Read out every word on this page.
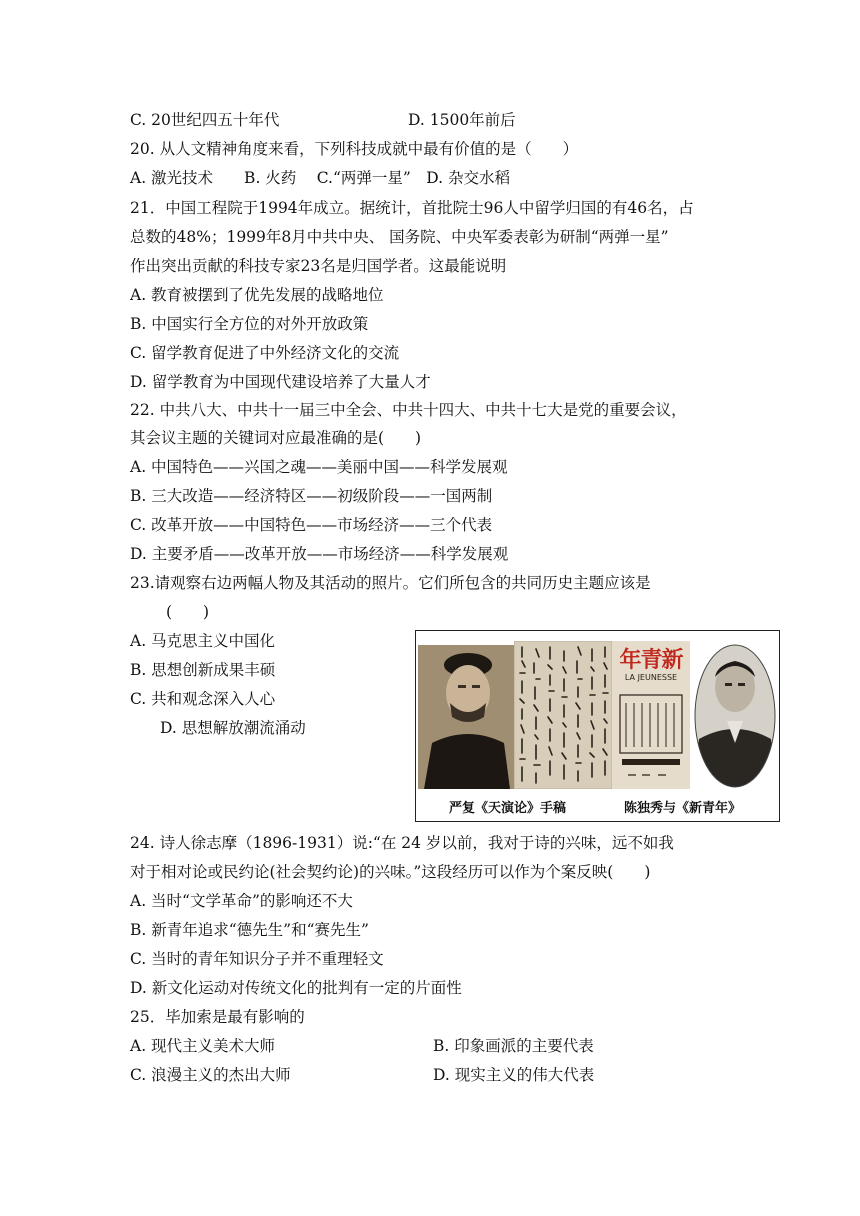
C. 20世纪四五十年代	D. 1500年前后
20. 从人文精神角度来看，下列科技成就中最有价值的是（　　）
A. 激光技术　　B. 火药　 C.“两弹一星”　D. 杂交水稻
21．中国工程院于1994年成立。据统计，首批院士96人中留学归国的有46名，占
总数的48%；1999年8月中共中央、 国务院、中央军委表彰为研制“两弹一星”
作出突出贡献的科技专家23名是归国学者。这最能说明
A. 教育被摆到了优先发展的战略地位
B. 中国实行全方位的对外开放政策
C. 留学教育促进了中外经济文化的交流
D. 留学教育为中国现代建设培养了大量人才
22. 中共八大、中共十一届三中全会、中共十四大、中共十七大是党的重要会议，
其会议主题的关键词对应最准确的是(　　)
A. 中国特色——兴国之魂——美丽中国——科学发展观
B. 三大改造——经济特区——初级阶段——一国两制
C. 改革开放——中国特色——市场经济——三个代表
D. 主要矛盾——改革开放——市场经济——科学发展观
23.请观察右边两幅人物及其活动的照片。它们所包含的共同历史主题应该是
(　　)
A. 马克思主义中国化
B. 思想创新成果丰硕
C. 共和观念深入人心
D. 思想解放潮流涌动
年青新
LA JEUNESSE
严复《天演论》手稿	陈独秀与《新青年》
24. 诗人徐志摩（1896-1931）说:“在 24 岁以前，我对于诗的兴味，远不如我
对于相对论或民约论(社会契约论)的兴味。”这段经历可以作为个案反映(　　)
A. 当时“文学革命”的影响还不大
B. 新青年追求“德先生”和“赛先生”
C. 当时的青年知识分子并不重理轻文
D. 新文化运动对传统文化的批判有一定的片面性
25．毕加索是最有影响的
A. 现代主义美术大师	B. 印象画派的主要代表
C. 浪漫主义的杰出大师	D. 现实主义的伟大代表
